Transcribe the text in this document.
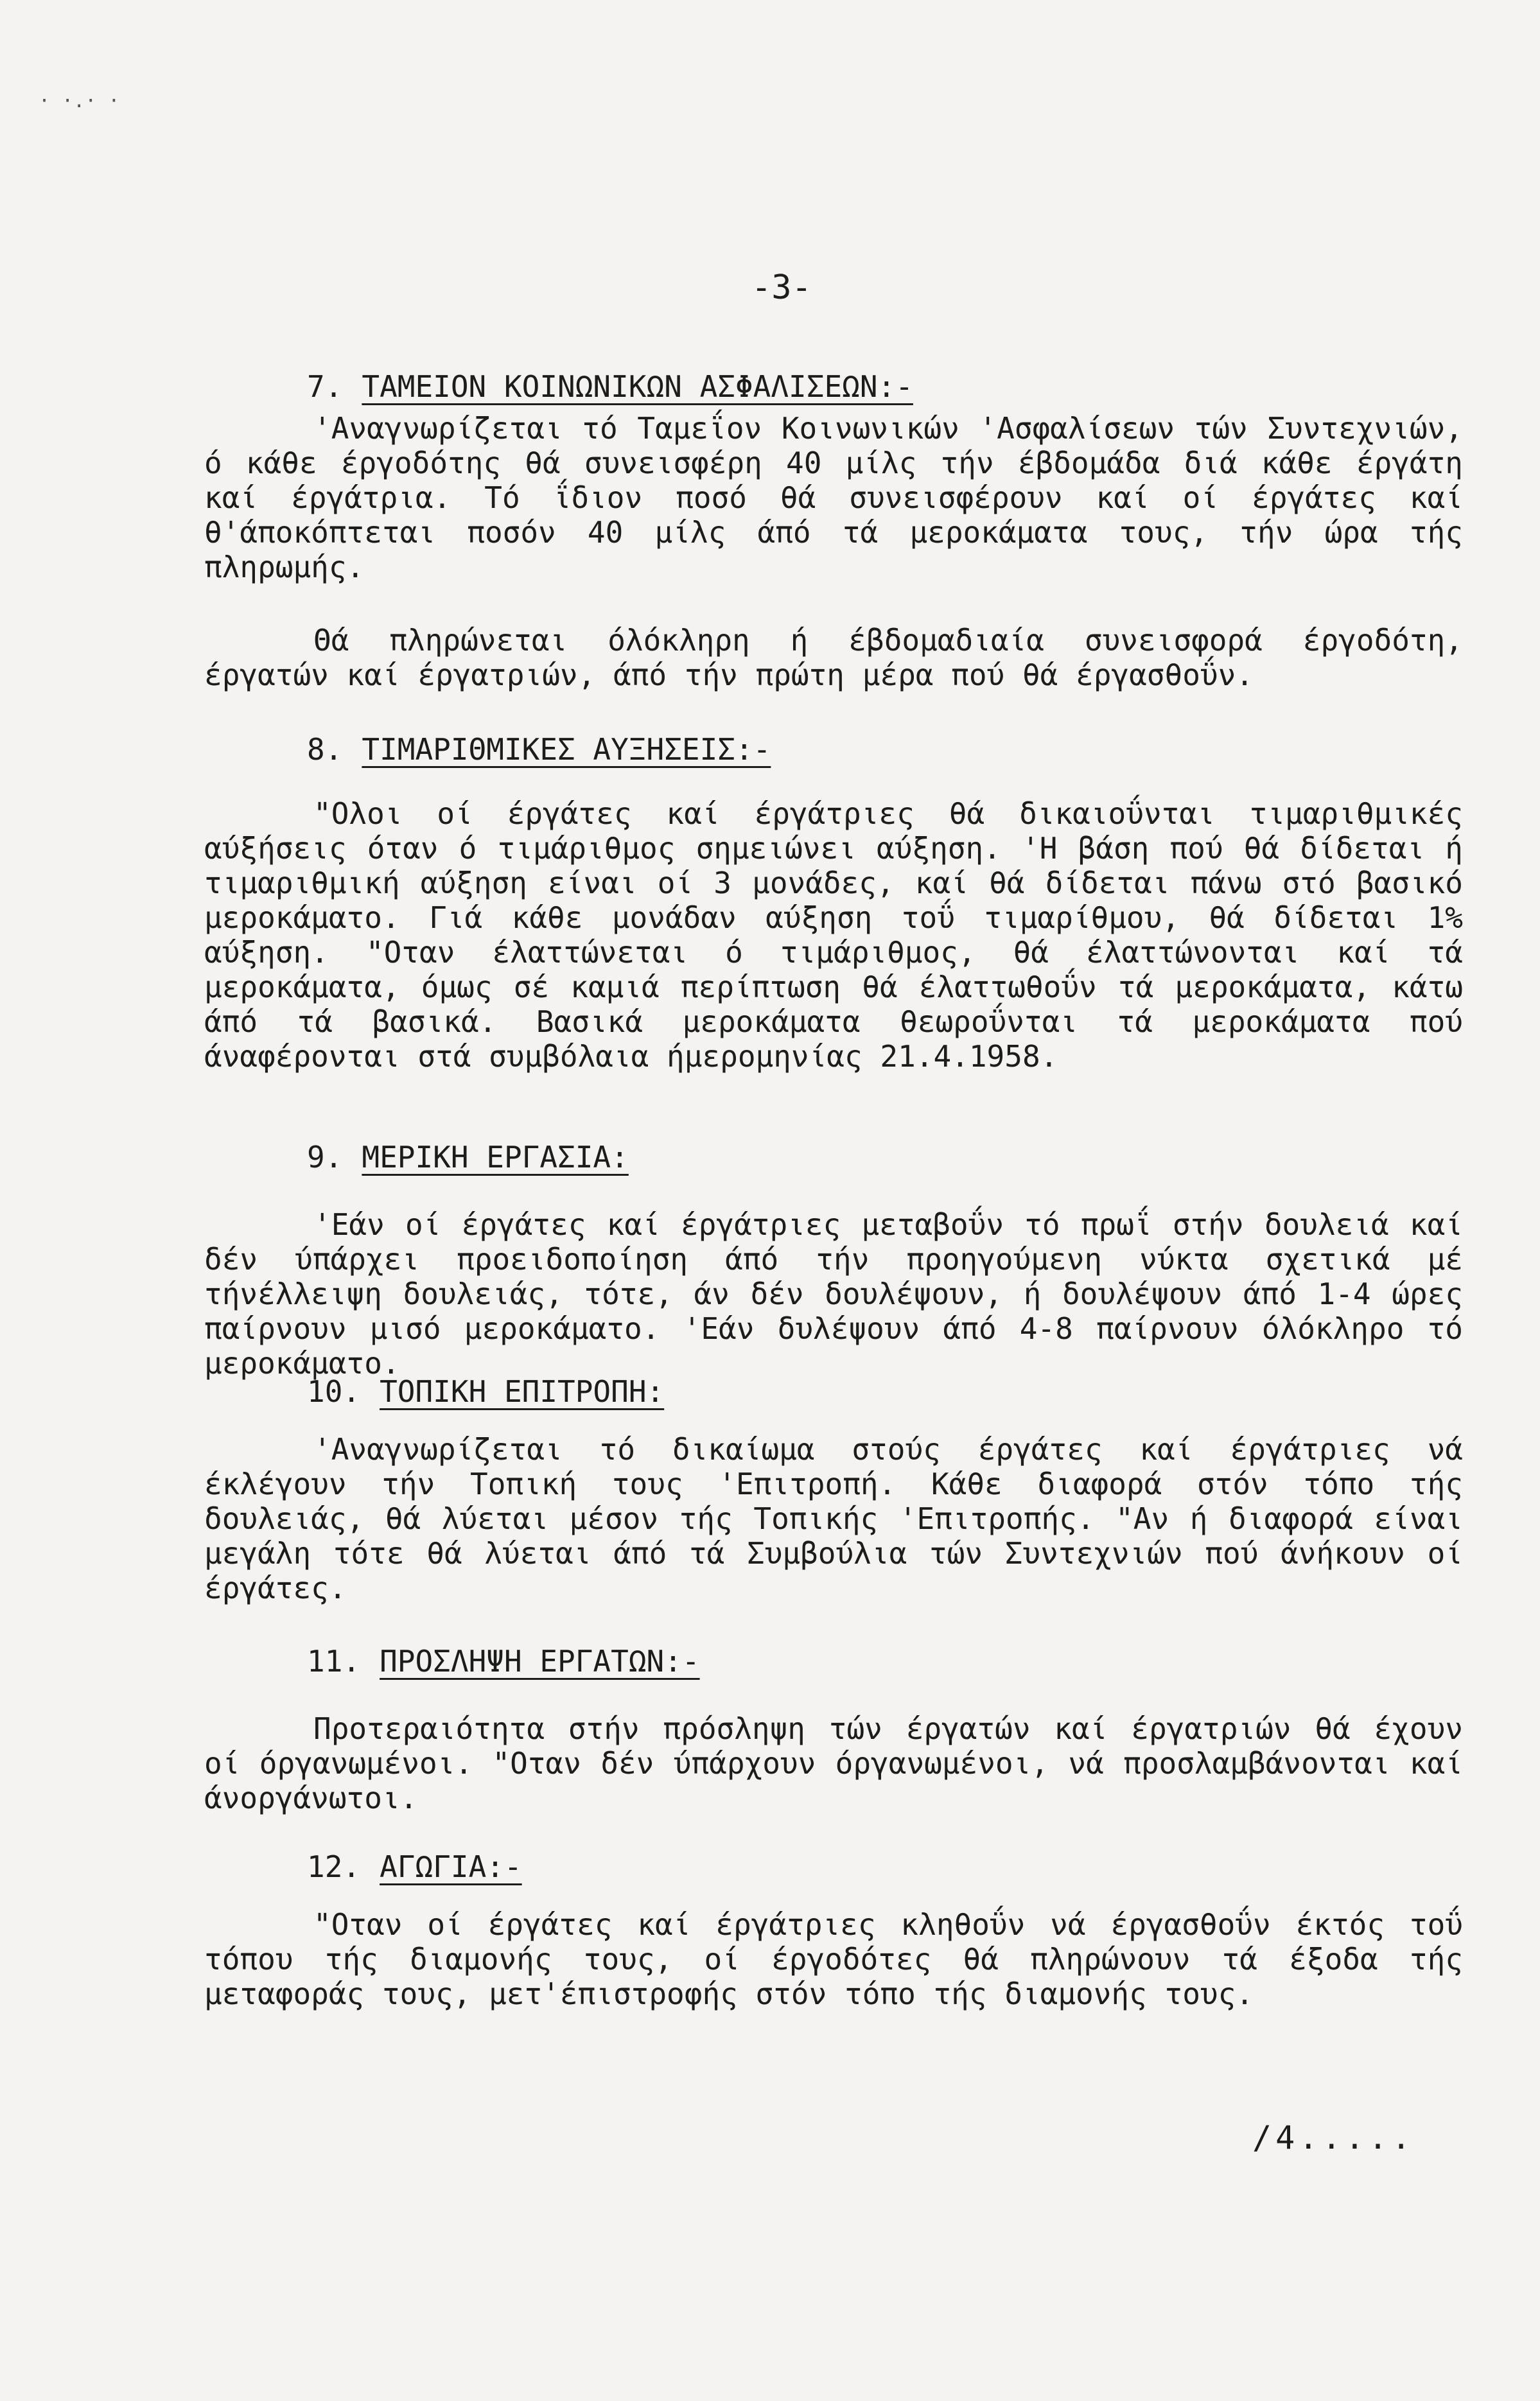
· ·.· ·
-3-
7. ΤΑΜΕΙΟΝ ΚΟΙΝΩΝΙΚΩΝ ΑΣΦΑΛΙΣΕΩΝ:-

'Αναγνωρίζεται τό Ταμεΐον Κοινωνικών 'Ασφαλίσεων τών Συντεχνιών, ό κάθε έργοδότης θά συνεισφέρη 40 μίλς τήν έβδομάδα διά κάθε έργάτη καί έργάτρια. Τό ΐδιον ποσό θά συνεισφέρουν καί οί έργάτες καί θ'άποκόπτεται ποσόν 40 μίλς άπό τά μεροκάματα τους, τήν ώρα τής πληρωμής.

Θά πληρώνεται όλόκληρη ή έβδομαδιαία συνεισφορά έργοδότη, έργατών καί έργατριών, άπό τήν πρώτη μέρα πού θά έργασθοΰν.

8. ΤΙΜΑΡΙΘΜΙΚΕΣ ΑΥΞΗΣΕΙΣ:-

"Ολοι οί έργάτες καί έργάτριες θά δικαιοΰνται τιμαριθμικές αύξήσεις όταν ό τιμάριθμος σημειώνει αύξηση. 'Η βάση πού θά δίδεται ή τιμαριθμική αύξηση είναι οί 3 μονάδες, καί θά δίδεται πάνω στό βασικό μεροκάματο. Γιά κάθε μονάδαν αύξηση τοΰ τιμαρίθμου, θά δίδεται 1% αύξηση. "Οταν έλαττώνεται ό τιμάριθμος, θά έλαττώνονται καί τά μεροκάματα, όμως σέ καμιά περίπτωση θά έλαττωθοΰν τά μεροκάματα, κάτω άπό τά βασικά. Βασικά μεροκάματα θεωροΰνται τά μεροκάματα πού άναφέρονται στά συμβόλαια ήμερομηνίας 21.4.1958.

9. ΜΕΡΙΚΗ ΕΡΓΑΣΙΑ:

'Εάν οί έργάτες καί έργάτριες μεταβοΰν τό πρωΐ στήν δουλειά καί δέν ύπάρχει προειδοποίηση άπό τήν προηγούμενη νύκτα σχετικά μέ τήνέλλειψη δουλειάς, τότε, άν δέν δουλέψουν, ή δουλέψουν άπό 1-4 ώρες παίρνουν μισό μεροκάματο. 'Εάν δυλέψουν άπό 4-8 παίρνουν όλόκληρο τό μεροκάματο.

10. ΤΟΠΙΚΗ ΕΠΙΤΡΟΠΗ:

'Αναγνωρίζεται τό δικαίωμα στούς έργάτες καί έργάτριες νά έκλέγουν τήν Τοπική τους 'Επιτροπή. Κάθε διαφορά στόν τόπο τής δουλειάς, θά λύεται μέσον τής Τοπικής 'Επιτροπής. "Αν ή διαφορά είναι μεγάλη τότε θά λύεται άπό τά Συμβούλια τών Συντεχνιών πού άνήκουν οί έργάτες.

11. ΠΡΟΣΛΗΨΗ ΕΡΓΑΤΩΝ:-

Προτεραιότητα στήν πρόσληψη τών έργατών καί έργατριών θά έχουν οί όργανωμένοι. "Οταν δέν ύπάρχουν όργανωμένοι, νά προσλαμβάνονται καί άνοργάνωτοι.

12. ΑΓΩΓΙΑ:-

"Οταν οί έργάτες καί έργάτριες κληθοΰν νά έργασθοΰν έκτός τοΰ τόπου τής διαμονής τους, οί έργοδότες θά πληρώνουν τά έξοδα τής μεταφοράς τους, μετ'έπιστροφής στόν τόπο τής διαμονής τους.

/4.....
